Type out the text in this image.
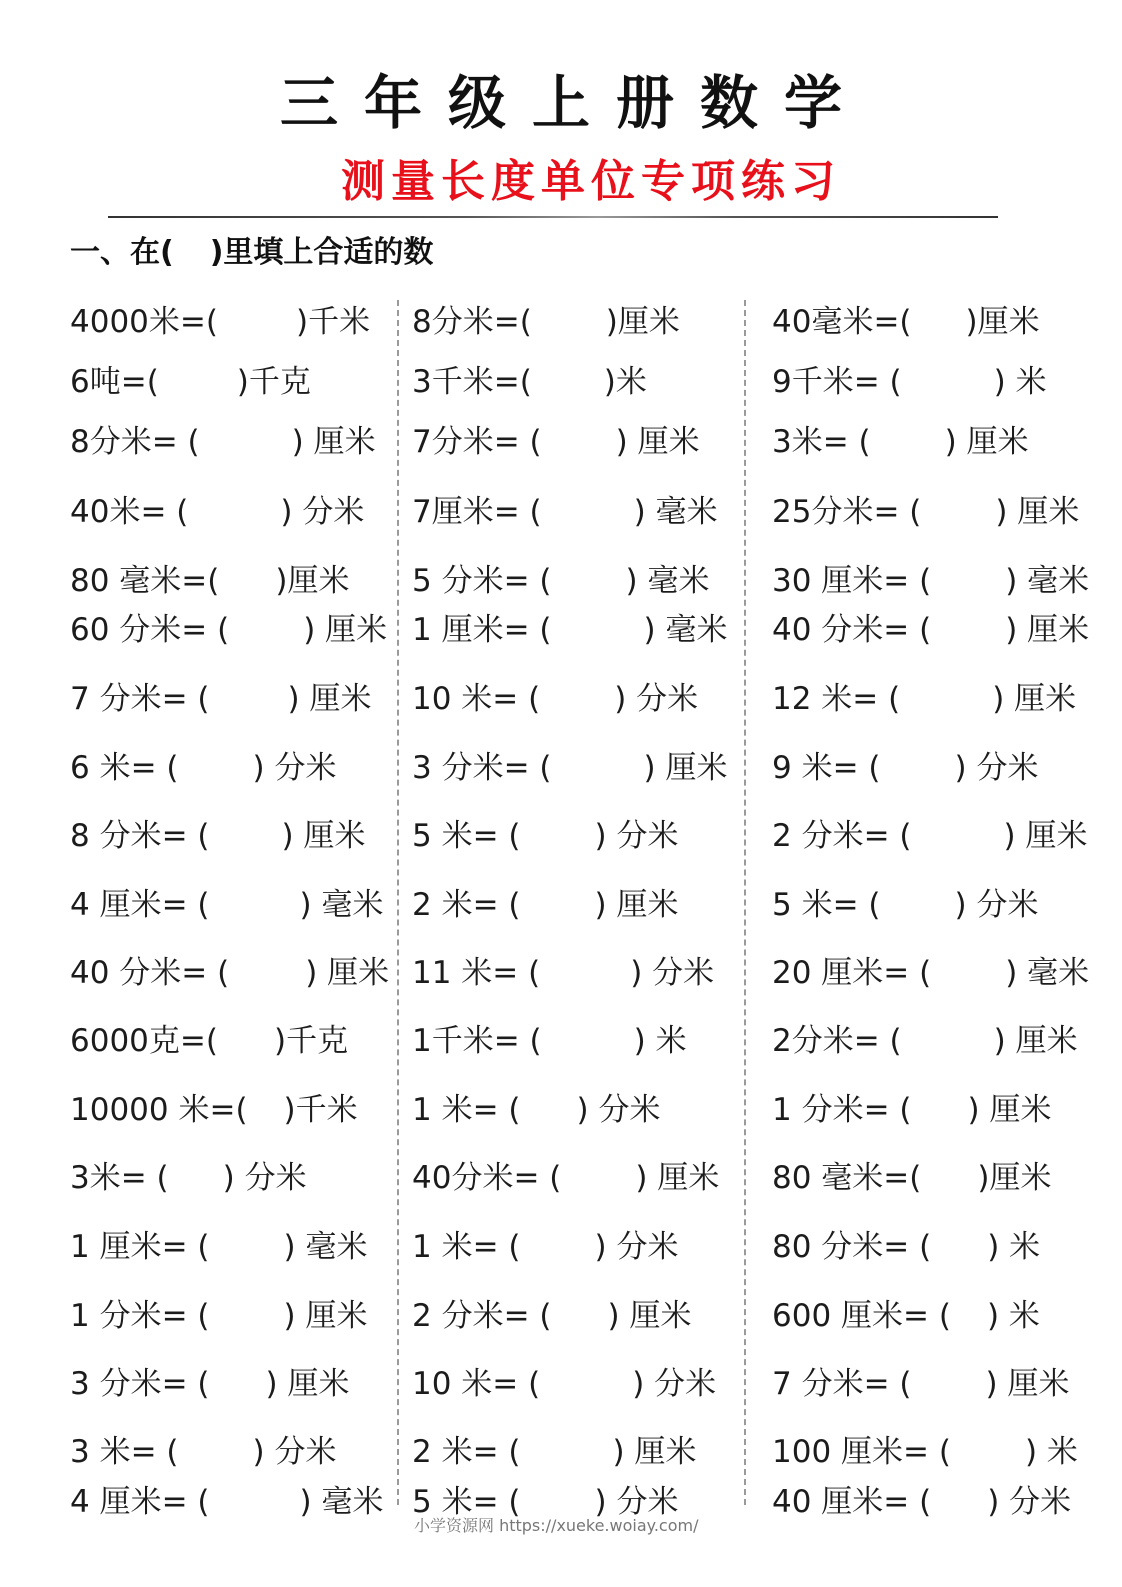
三年级上册数学
测量长度单位专项练习
一、在( )里填上合适的数
4000米=(	)千米
6吨=(	)千克
8分米= (	) 厘米
40米= (	) 分米
80 毫米=( )厘米
60 分米= ( ) 厘米
7 分米= (	) 厘米
6 米= ( ) 分米
8 分米= ( ) 厘米
4 厘米= (	) 毫米
40 分米= ( ) 厘米
6000克=( )千克
10000 米=( )千米
3米= ( ) 分米
1 厘米= ( ) 毫米
1 分米= ( ) 厘米
3 分米= ( ) 厘米
3 米= ( ) 分米
4 厘米= (	) 毫米
8分米=( )厘米
3千米=( )米
7分米= ( ) 厘米
7厘米= (	) 毫米
5 分米= ( ) 毫米
1 厘米= (	) 毫米
10 米= ( ) 分米
3 分米= (	) 厘米
5 米= ( ) 分米
2 米= ( ) 厘米
11 米= (	) 分米
1千米= (	) 米
1 米= ( ) 分米
40分米= ( ) 厘米
1 米= ( ) 分米
2 分米= ( ) 厘米
10 米= (	) 分米
2 米= (	) 厘米
5 米= ( ) 分米
40毫米=( )厘米
9千米= (	) 米
3米= ( ) 厘米
25分米= ( ) 厘米
30 厘米= ( ) 毫米
40 分米= ( ) 厘米
12 米= (	) 厘米
9 米= ( ) 分米
2 分米= (	) 厘米
5 米= ( ) 分米
20 厘米= ( ) 毫米
2分米= (	) 厘米
1 分米= ( ) 厘米
80 毫米=( )厘米
80 分米= ( ) 米
600 厘米= ( ) 米
7 分米= ( ) 厘米
100 厘米= ( ) 米
40 厘米= ( ) 分米
小学资源网 https://xueke.woiay.com/
